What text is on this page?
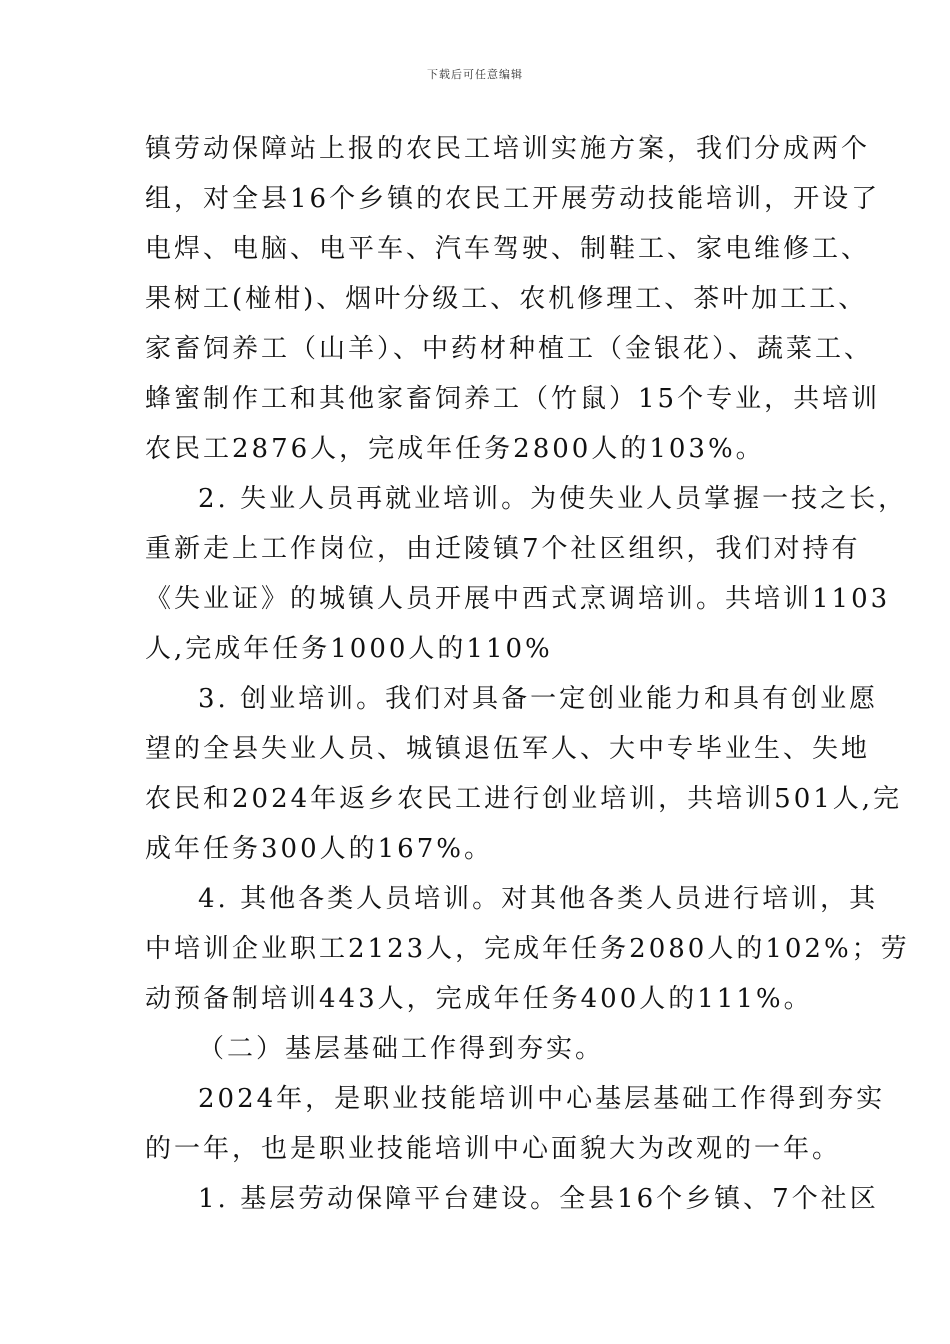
下载后可任意编辑
镇劳动保障站上报的农民工培训实施方案，我们分成两个
组，对全县16个乡镇的农民工开展劳动技能培训，开设了
电焊、电脑、电平车、汽车驾驶、制鞋工、家电维修工、
果树工(椪柑)、烟叶分级工、农机修理工、茶叶加工工、
家畜饲养工（山羊）、中药材种植工（金银花）、蔬菜工、
蜂蜜制作工和其他家畜饲养工（竹鼠）15个专业，共培训
农民工2876人，完成年任务2800人的103%。
2. 失业人员再就业培训。为使失业人员掌握一技之长，
重新走上工作岗位，由迁陵镇7个社区组织，我们对持有
《失业证》的城镇人员开展中西式烹调培训。共培训1103
人,完成年任务1000人的110%
3. 创业培训。我们对具备一定创业能力和具有创业愿
望的全县失业人员、城镇退伍军人、大中专毕业生、失地
农民和2024年返乡农民工进行创业培训，共培训501人,完
成年任务300人的167%。
4. 其他各类人员培训。对其他各类人员进行培训，其
中培训企业职工2123人，完成年任务2080人的102%；劳
动预备制培训443人，完成年任务400人的111%。
（二）基层基础工作得到夯实。
2024年，是职业技能培训中心基层基础工作得到夯实
的一年，也是职业技能培训中心面貌大为改观的一年。
1. 基层劳动保障平台建设。全县16个乡镇、7个社区
